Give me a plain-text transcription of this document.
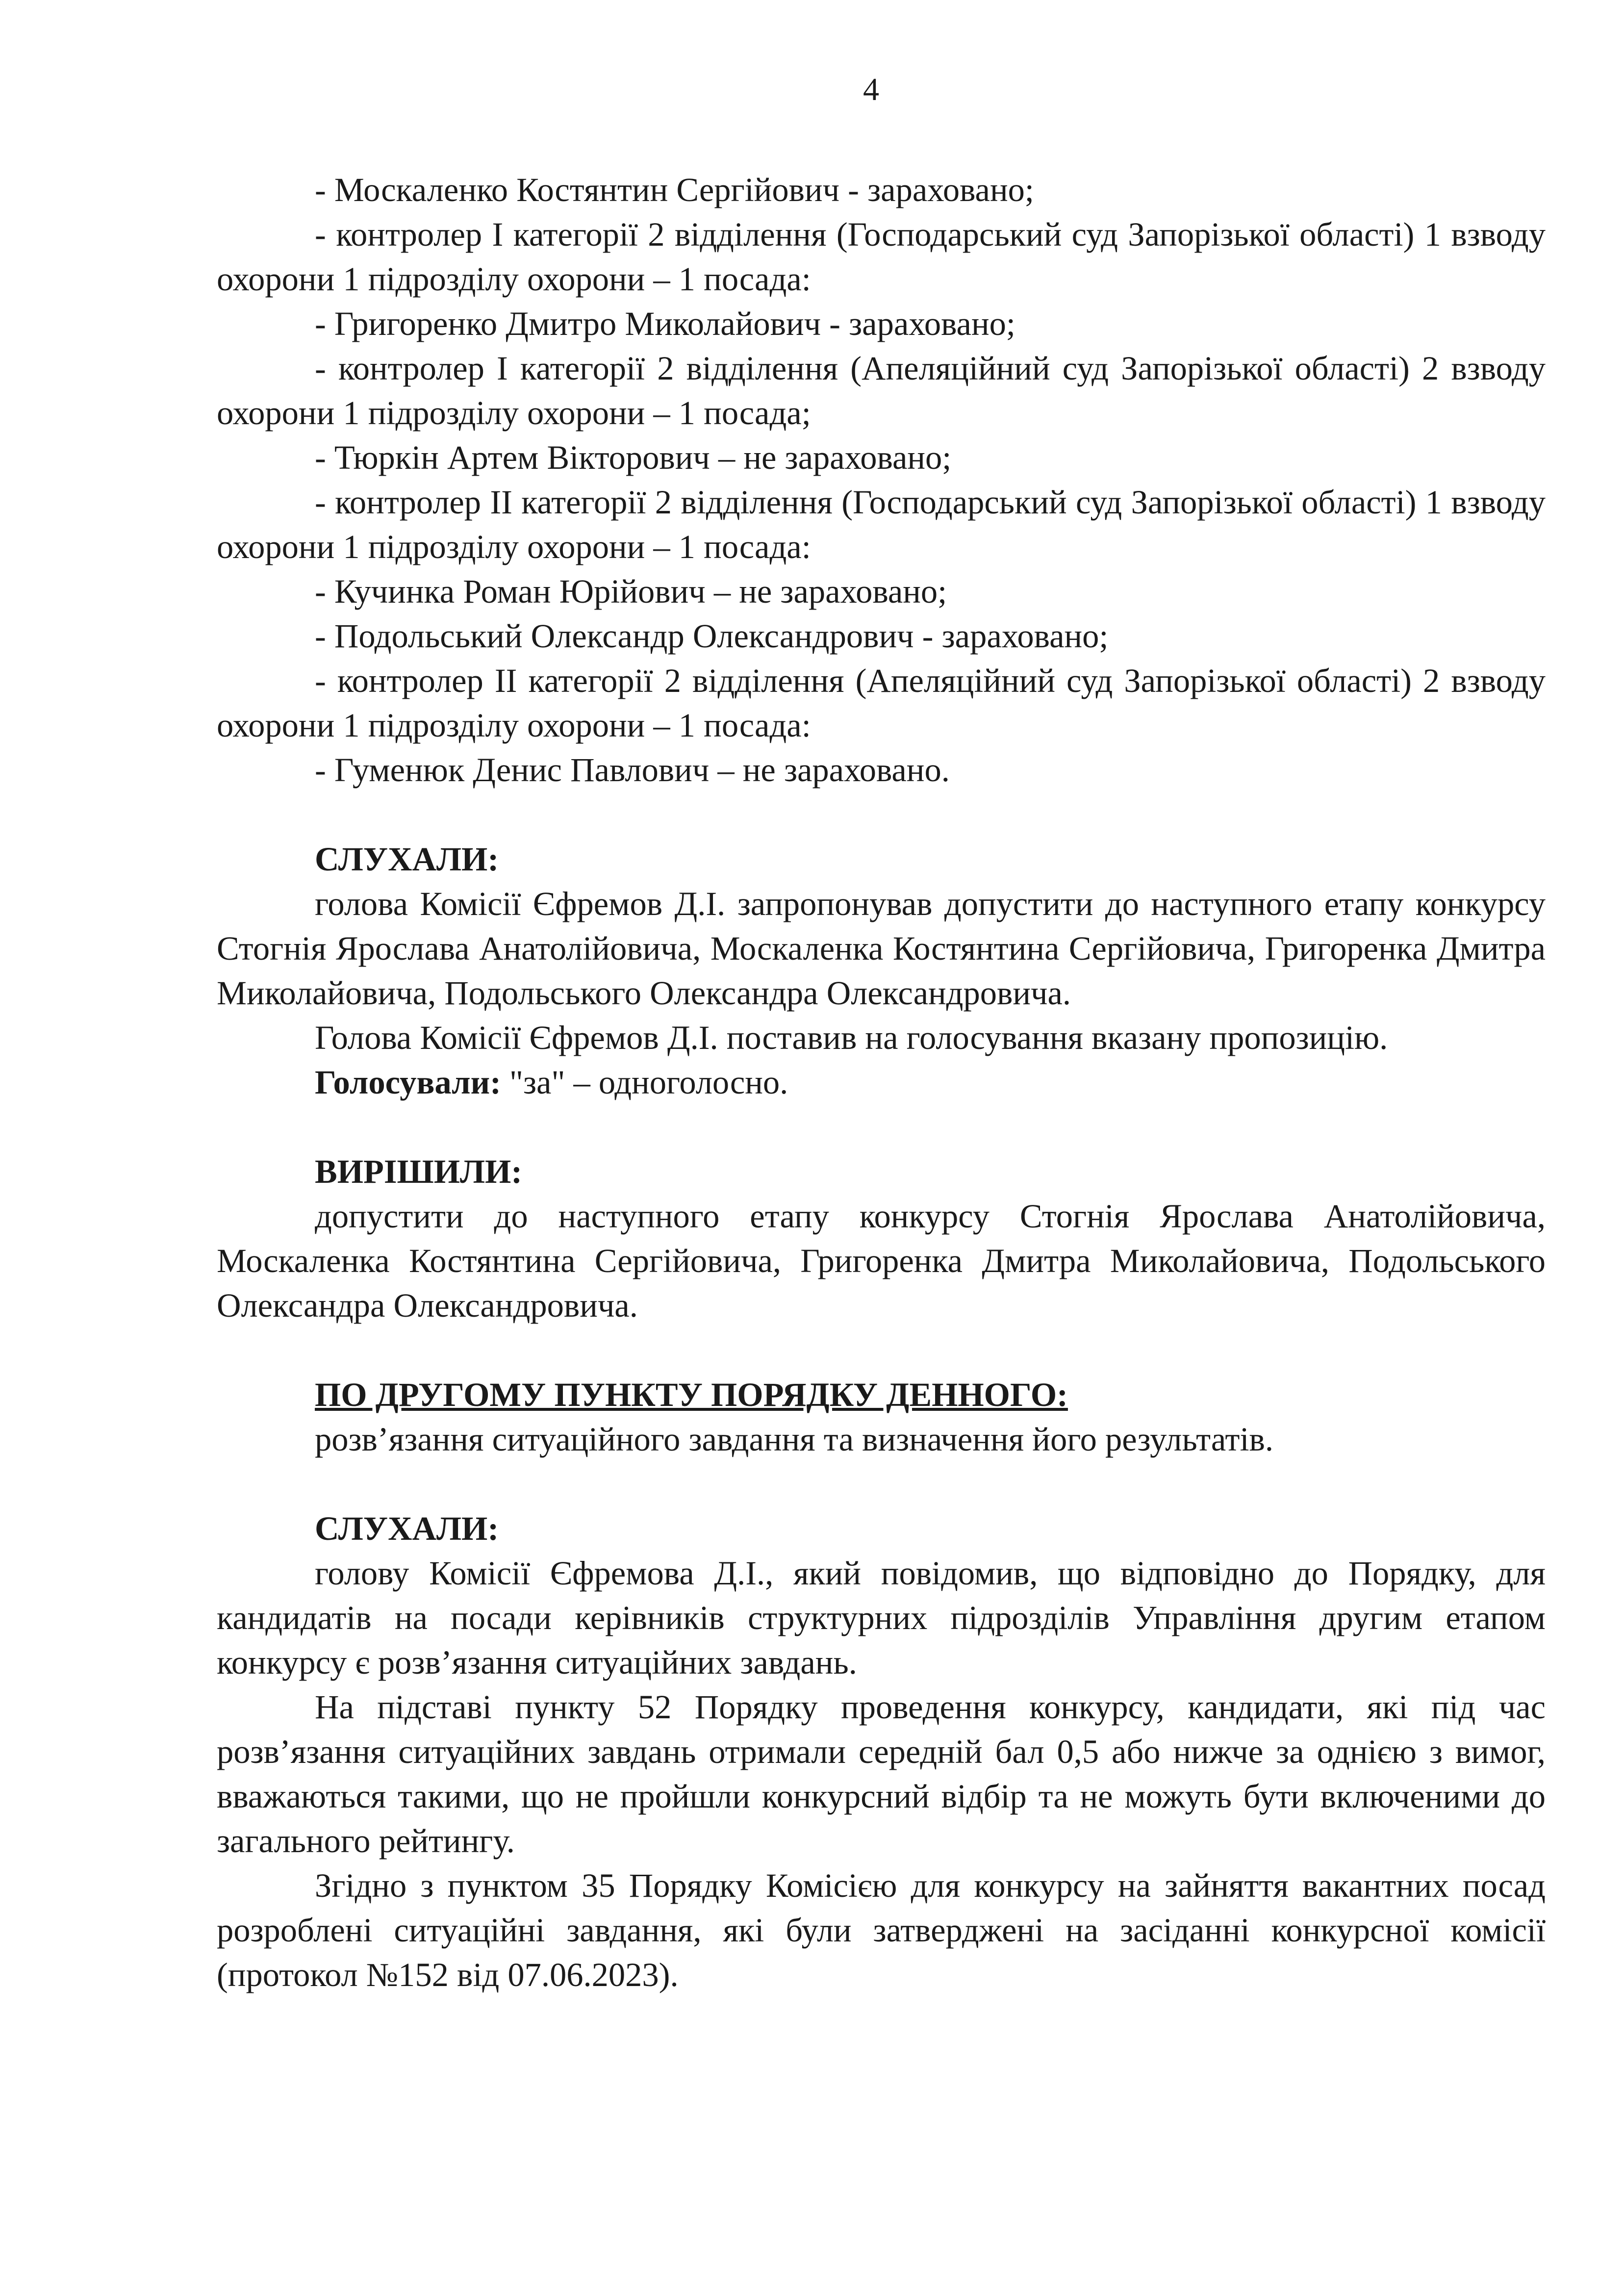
4

- Москаленко Костянтин Сергійович - зараховано;

- контролер І категорії 2 відділення (Господарський суд Запорізької області) 1 взводу охорони 1 підрозділу охорони – 1 посада:

- Григоренко Дмитро Миколайович - зараховано;

- контролер І категорії 2 відділення (Апеляційний суд Запорізької області) 2 взводу охорони 1 підрозділу охорони – 1 посада;

- Тюркін Артем Вікторович – не зараховано;

- контролер ІІ категорії 2 відділення (Господарський суд Запорізької області) 1 взводу охорони 1 підрозділу охорони – 1 посада:

- Кучинка Роман Юрійович – не зараховано;

- Подольський Олександр Олександрович - зараховано;

- контролер ІІ категорії 2 відділення (Апеляційний суд Запорізької області) 2 взводу охорони 1 підрозділу охорони – 1 посада:

- Гуменюк Денис Павлович – не зараховано.

СЛУХАЛИ:

голова Комісії Єфремов Д.І. запропонував допустити до наступного етапу конкурсу Стогнія Ярослава Анатолійовича, Москаленка Костянтина Сергійовича, Григоренка Дмитра Миколайовича, Подольського Олександра Олександровича.

Голова Комісії Єфремов Д.І. поставив на голосування вказану пропозицію.

Голосували: "за" – одноголосно.

ВИРІШИЛИ:

допустити до наступного етапу конкурсу Стогнія Ярослава Анатолійовича, Москаленка Костянтина Сергійовича, Григоренка Дмитра Миколайовича, Подольського Олександра Олександровича.

ПО ДРУГОМУ ПУНКТУ ПОРЯДКУ ДЕННОГО:

розв’язання ситуаційного завдання та визначення його результатів.

СЛУХАЛИ:

голову Комісії Єфремова Д.І., який повідомив, що відповідно до Порядку, для кандидатів на посади керівників структурних підрозділів Управління другим етапом конкурсу є розв’язання ситуаційних завдань.

На підставі пункту 52 Порядку проведення конкурсу, кандидати, які під час розв’язання ситуаційних завдань отримали середній бал 0,5 або нижче за однією з вимог, вважаються такими, що не пройшли конкурсний відбір та не можуть бути включеними до загального рейтингу.

Згідно з пунктом 35 Порядку Комісією для конкурсу на зайняття вакантних посад розроблені ситуаційні завдання, які були затверджені на засіданні конкурсної комісії (протокол №152 від 07.06.2023).
